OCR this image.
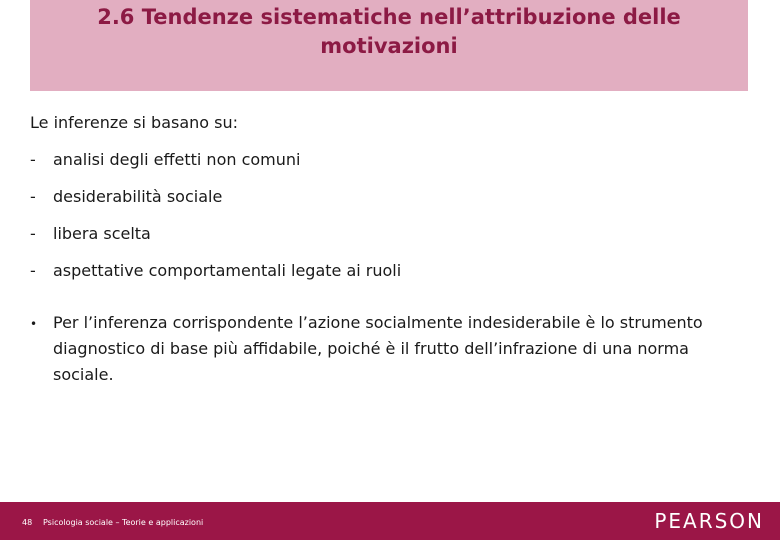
2.6 Tendenze sistematiche nell’attribuzione delle motivazioni
Le inferenze si basano su:
-	analisi degli effetti non comuni
-	desiderabilità sociale
-	libera scelta
-	aspettative comportamentali legate ai ruoli
• Per l’inferenza corrispondente l’azione socialmente indesiderabile è lo strumento diagnostico di base più affidabile, poiché è il frutto dell’infrazione di una norma sociale.
48 Psicologia sociale – Teorie e applicazioni	PEARSON
